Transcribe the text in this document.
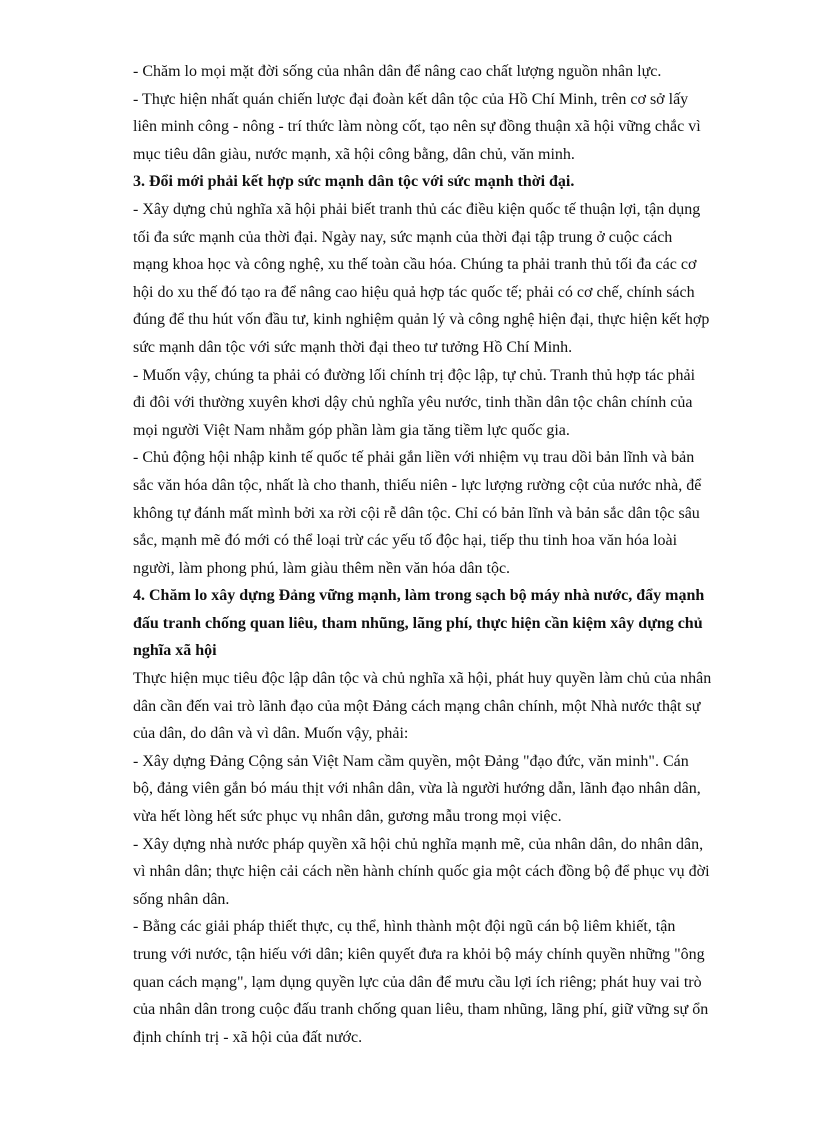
- Chăm lo mọi mặt đời sống của nhân dân để nâng cao chất lượng nguồn nhân lực.
- Thực hiện nhất quán chiến lược đại đoàn kết dân tộc của Hồ Chí Minh, trên cơ sở lấy
liên minh công - nông - trí thức làm nòng cốt, tạo nên sự đồng thuận xã hội vững chắc vì
mục tiêu dân giàu, nước mạnh, xã hội công bằng, dân chủ, văn minh.
3. Đổi mới phải kết hợp sức mạnh dân tộc với sức mạnh thời đại.
- Xây dựng chủ nghĩa xã hội phải biết tranh thủ các điều kiện quốc tế thuận lợi, tận dụng
tối đa sức mạnh của thời đại. Ngày nay, sức mạnh của thời đại tập trung ở cuộc cách
mạng khoa học và công nghệ, xu thế toàn cầu hóa. Chúng ta phải tranh thủ tối đa các cơ
hội do xu thế đó tạo ra để nâng cao hiệu quả hợp tác quốc tế; phải có cơ chế, chính sách
đúng để thu hút vốn đầu tư, kinh nghiệm quản lý và công nghệ hiện đại, thực hiện kết hợp
sức mạnh dân tộc với sức mạnh thời đại theo tư tưởng Hồ Chí Minh.
- Muốn vậy, chúng ta phải có đường lối chính trị độc lập, tự chủ. Tranh thủ hợp tác phải
đi đôi với thường xuyên khơi dậy chủ nghĩa yêu nước, tinh thần dân tộc chân chính của
mọi người Việt Nam nhằm góp phần làm gia tăng tiềm lực quốc gia.
- Chủ động hội nhập kinh tế quốc tế phải gắn liền với nhiệm vụ trau dồi bản lĩnh và bản
sắc văn hóa dân tộc, nhất là cho thanh, thiếu niên - lực lượng rường cột của nước nhà, để
không tự đánh mất mình bởi xa rời cội rễ dân tộc. Chỉ có bản lĩnh và bản sắc dân tộc sâu
sắc, mạnh mẽ đó mới có thể loại trừ các yếu tố độc hại, tiếp thu tinh hoa văn hóa loài
người, làm phong phú, làm giàu thêm nền văn hóa dân tộc.
4. Chăm lo xây dựng Đảng vững mạnh, làm trong sạch bộ máy nhà nước, đẩy mạnh
đấu tranh chống quan liêu, tham nhũng, lãng phí, thực hiện cần kiệm xây dựng chủ
nghĩa xã hội
Thực hiện mục tiêu độc lập dân tộc và chủ nghĩa xã hội, phát huy quyền làm chủ của nhân
dân cần đến vai trò lãnh đạo của một Đảng cách mạng chân chính, một Nhà nước thật sự
của dân, do dân và vì dân. Muốn vậy, phải:
- Xây dựng Đảng Cộng sản Việt Nam cầm quyền, một Đảng "đạo đức, văn minh". Cán
bộ, đảng viên gắn bó máu thịt với nhân dân, vừa là người hướng dẫn, lãnh đạo nhân dân,
vừa hết lòng hết sức phục vụ nhân dân, gương mẫu trong mọi việc.
- Xây dựng nhà nước pháp quyền xã hội chủ nghĩa mạnh mẽ, của nhân dân, do nhân dân,
vì nhân dân; thực hiện cải cách nền hành chính quốc gia một cách đồng bộ để phục vụ đời
sống nhân dân.
- Bằng các giải pháp thiết thực, cụ thể, hình thành một đội ngũ cán bộ liêm khiết, tận
trung với nước, tận hiếu với dân; kiên quyết đưa ra khỏi bộ máy chính quyền những "ông
quan cách mạng", lạm dụng quyền lực của dân để mưu cầu lợi ích riêng; phát huy vai trò
của nhân dân trong cuộc đấu tranh chống quan liêu, tham nhũng, lãng phí, giữ vững sự ổn
định chính trị - xã hội của đất nước.
